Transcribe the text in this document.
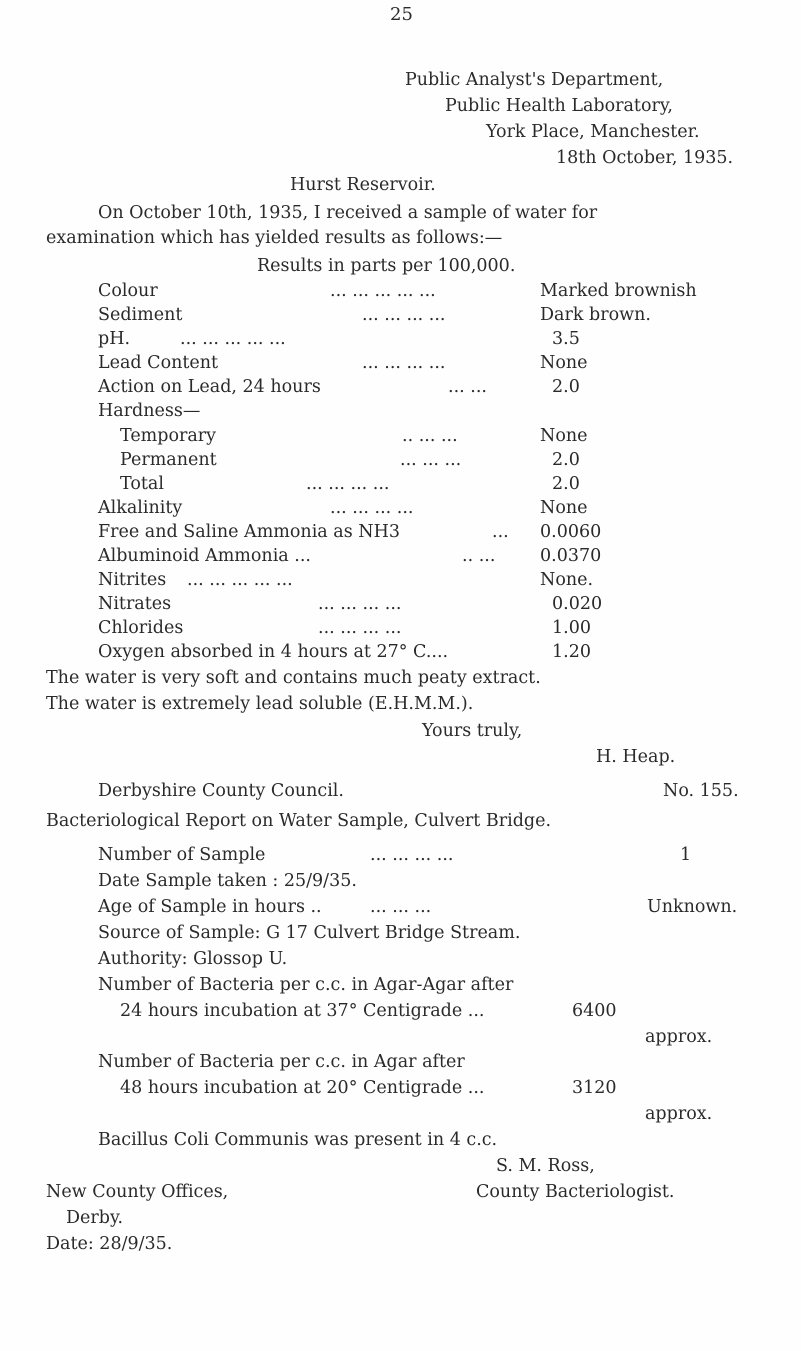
25
Public Analyst's Department,
Public Health Laboratory,
York Place, Manchester.
18th October, 1935.
Hurst Reservoir.
On October 10th, 1935, I received a sample of water for
examination which has yielded results as follows:—
Results in parts per 100,000.
Colour	... ... ... ... ...	Marked brownish
Sediment	... ... ... ...	Dark brown.
pH.	... ... ... ... ...	3.5
Lead Content	... ... ... ...	None
Action on Lead, 24 hours	... ...	2.0
Hardness—
Temporary	.. ... ...	None
Permanent	... ... ...	2.0
Total	... ... ... ...	2.0
Alkalinity	... ... ... ...	None
Free and Saline Ammonia as NH3	... 0.0060
Albuminoid Ammonia ...	.. ...	0.0370
Nitrites ... ... ... ... ...	None.
Nitrates	... ... ... ...	0.020
Chlorides	... ... ... ...	1.00
Oxygen absorbed in 4 hours at 27° C....	1.20
The water is very soft and contains much peaty extract.
The water is extremely lead soluble (E.H.M.M.).
Yours truly,
H. Heap.
Derbyshire County Council.	No. 155.
Bacteriological Report on Water Sample, Culvert Bridge.
Number of Sample	... ... ... ...	1
Date Sample taken : 25/9/35.
Age of Sample in hours ..	... ... ...	Unknown.
Source of Sample: G 17 Culvert Bridge Stream.
Authority: Glossop U.
Number of Bacteria per c.c. in Agar-Agar after
24 hours incubation at 37° Centigrade ...	6400
approx.
Number of Bacteria per c.c. in Agar after
48 hours incubation at 20° Centigrade ...	3120
approx.
Bacillus Coli Communis was present in 4 c.c.
S. M. Ross,
New County Offices,	County Bacteriologist.
Derby.
Date: 28/9/35.
